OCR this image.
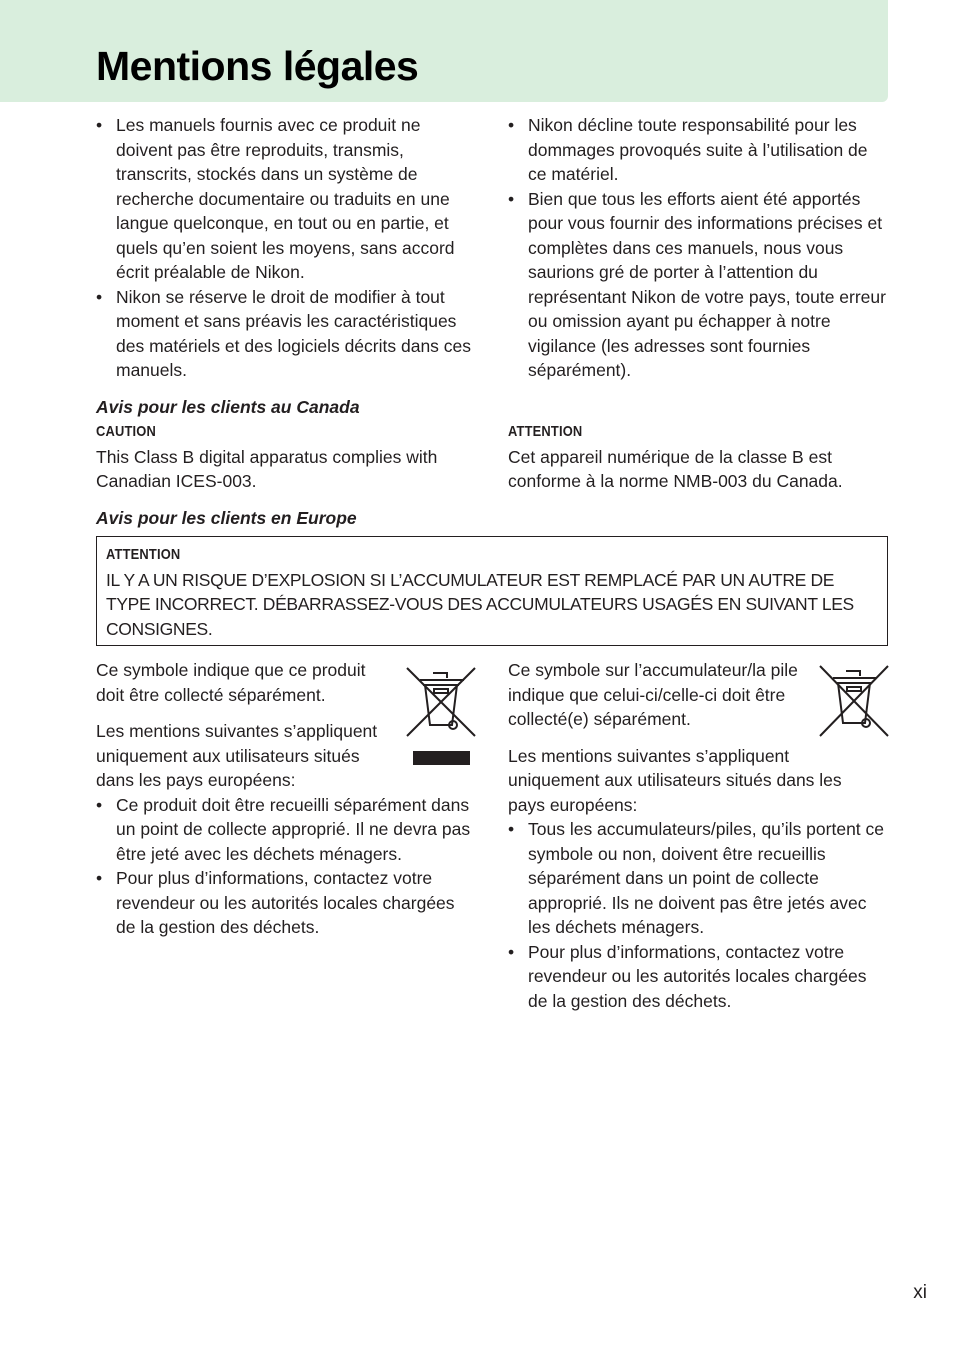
Mentions légales
• Les manuels fournis avec ce produit ne doivent pas être reproduits, transmis, transcrits, stockés dans un système de recherche documentaire ou traduits en une langue quelconque, en tout ou en partie, et quels qu’en soient les moyens, sans accord écrit préalable de Nikon.
• Nikon se réserve le droit de modifier à tout moment et sans préavis les caractéristiques des matériels et des logiciels décrits dans ces manuels.
• Nikon décline toute responsabilité pour les dommages provoqués suite à l’utilisation de ce matériel.
• Bien que tous les efforts aient été apportés pour vous fournir des informations précises et complètes dans ces manuels, nous vous saurions gré de porter à l’attention du représentant Nikon de votre pays, toute erreur ou omission ayant pu échapper à notre vigilance (les adresses sont fournies séparément).
Avis pour les clients au Canada
CAUTION

This Class B digital apparatus complies with Canadian ICES-003.

ATTENTION

Cet appareil numérique de la classe B est conforme à la norme NMB-003 du Canada.

Avis pour les clients en Europe
ATTENTION

IL Y A UN RISQUE D’EXPLOSION SI L’ACCUMULATEUR EST REMPLACÉ PAR UN AUTRE DE TYPE INCORRECT. DÉBARRASSEZ-VOUS DES ACCUMULATEURS USAGÉS EN SUIVANT LES CONSIGNES.

Ce symbole indique que ce produit doit être collecté séparément.

Les mentions suivantes s’appliquent uniquement aux utilisateurs situés dans les pays européens:

• Ce produit doit être recueilli séparément dans un point de collecte approprié. Il ne devra pas être jeté avec les déchets ménagers.
• Pour plus d’informations, contactez votre revendeur ou les autorités locales chargées de la gestion des déchets.

Ce symbole sur l’accumulateur/la pile indique que celui-ci/celle-ci doit être collecté(e) séparément.

Les mentions suivantes s’appliquent uniquement aux utilisateurs situés dans les pays européens:

• Tous les accumulateurs/piles, qu’ils portent ce symbole ou non, doivent être recueillis séparément dans un point de collecte approprié. Ils ne doivent pas être jetés avec les déchets ménagers.
• Pour plus d’informations, contactez votre revendeur ou les autorités locales chargées de la gestion des déchets.
xi
